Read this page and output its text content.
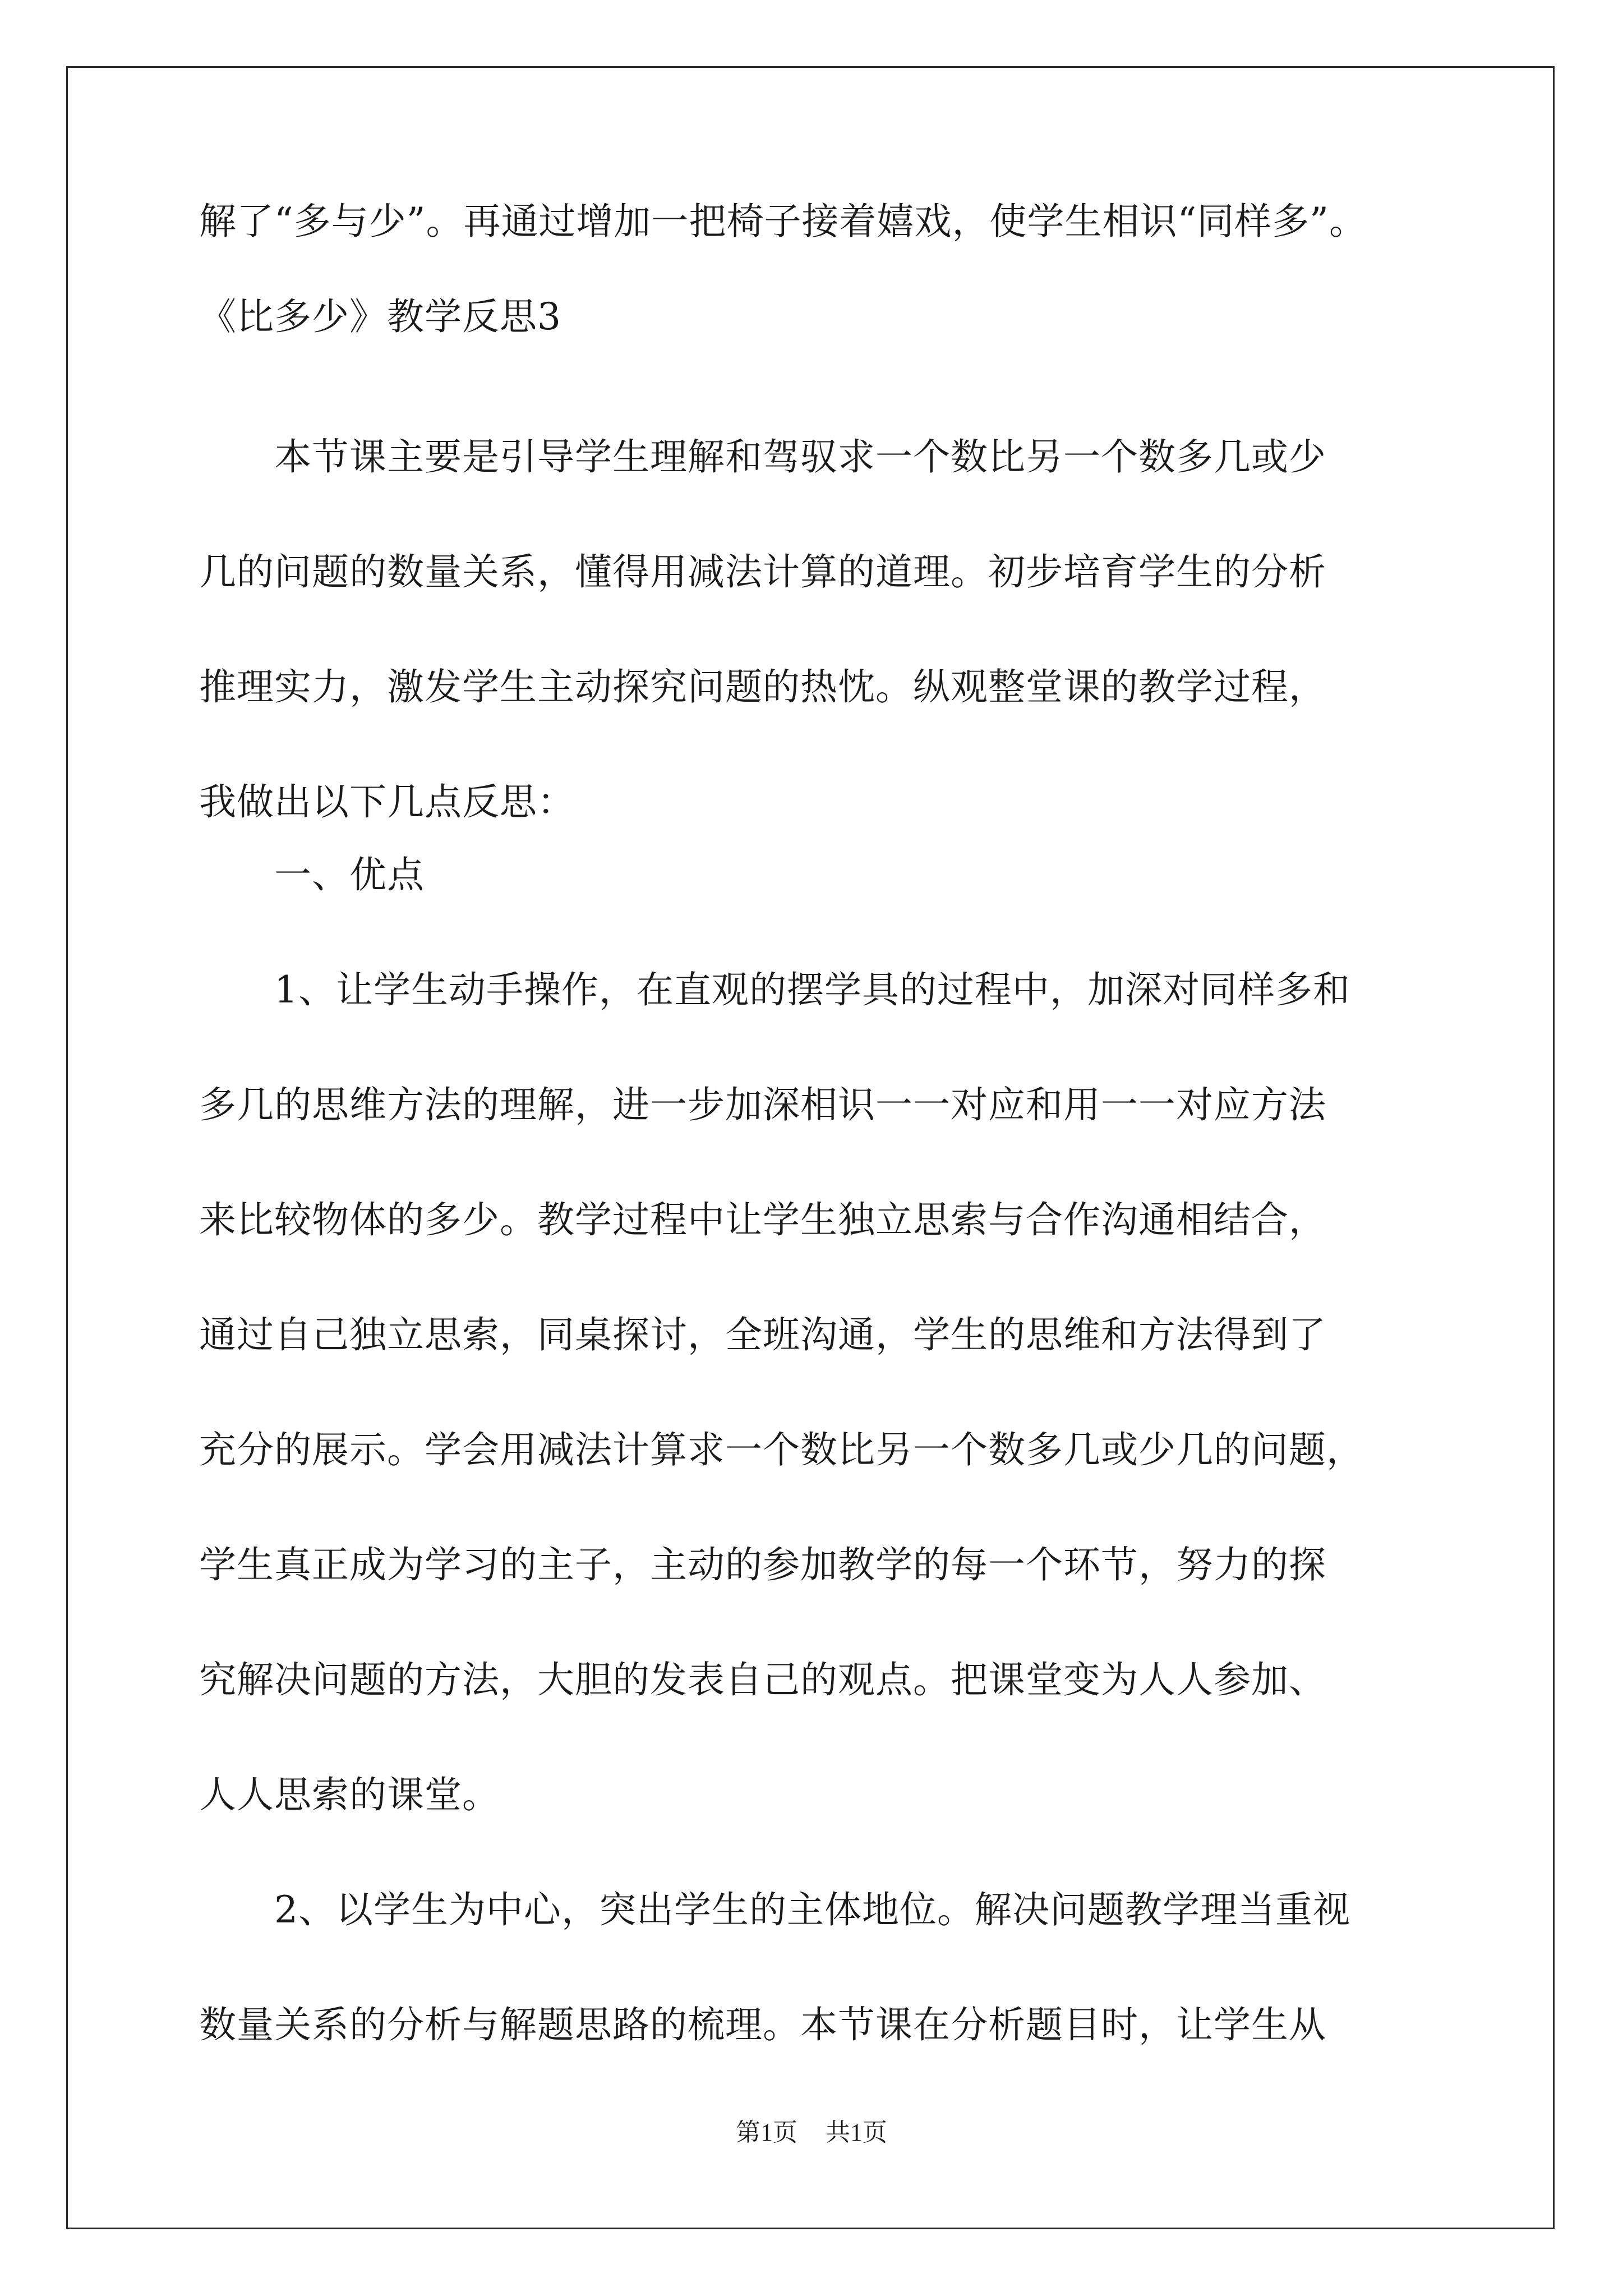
解了“多与少”。再通过增加一把椅子接着嬉戏，使学生相识“同样多”。
《比多少》教学反思3
　　本节课主要是引导学生理解和驾驭求一个数比另一个数多几或少
几的问题的数量关系，懂得用减法计算的道理。初步培育学生的分析
推理实力，激发学生主动探究问题的热忱。纵观整堂课的教学过程，
我做出以下几点反思：
　　一、优点
　　1、让学生动手操作，在直观的摆学具的过程中，加深对同样多和
多几的思维方法的理解，进一步加深相识一一对应和用一一对应方法
来比较物体的多少。教学过程中让学生独立思索与合作沟通相结合，
通过自己独立思索，同桌探讨，全班沟通，学生的思维和方法得到了
充分的展示。学会用减法计算求一个数比另一个数多几或少几的问题，
学生真正成为学习的主子，主动的参加教学的每一个环节，努力的探
究解决问题的方法，大胆的发表自己的观点。把课堂变为人人参加、
人人思索的课堂。
　　2、以学生为中心，突出学生的主体地位。解决问题教学理当重视
数量关系的分析与解题思路的梳理。本节课在分析题目时，让学生从
第1页 共1页
